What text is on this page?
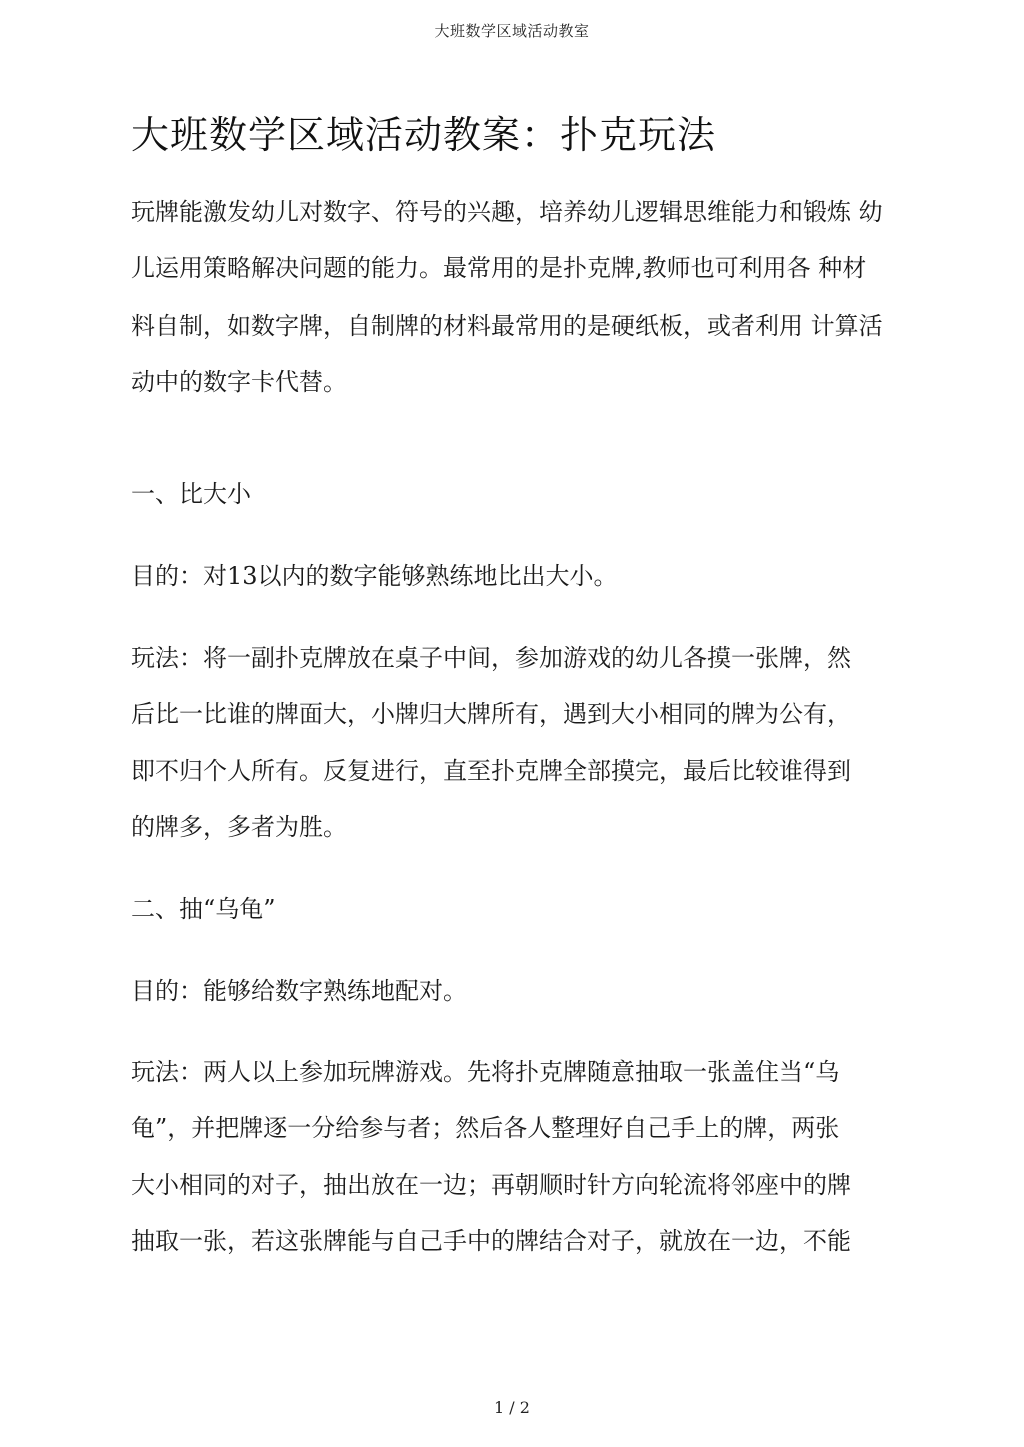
大班数学区域活动教室
大班数学区域活动教案：扑克玩法

玩牌能激发幼儿对数字、符号的兴趣，培养幼儿逻辑思维能力和锻炼 幼

儿运用策略解决问题的能力。最常用的是扑克牌,教师也可利用各 种材

料自制，如数字牌，自制牌的材料最常用的是硬纸板，或者利用 计算活

动中的数字卡代替。

一、比大小

目的：对13以内的数字能够熟练地比出大小。

玩法：将一副扑克牌放在桌子中间，参加游戏的幼儿各摸一张牌，然

后比一比谁的牌面大，小牌归大牌所有，遇到大小相同的牌为公有，

即不归个人所有。反复进行，直至扑克牌全部摸完，最后比较谁得到

的牌多，多者为胜。

二、抽“乌龟”

目的：能够给数字熟练地配对。

玩法：两人以上参加玩牌游戏。先将扑克牌随意抽取一张盖住当“乌

龟”，并把牌逐一分给参与者；然后各人整理好自己手上的牌，两张

大小相同的对子，抽出放在一边；再朝顺时针方向轮流将邻座中的牌

抽取一张，若这张牌能与自己手中的牌结合对子，就放在一边，不能

1 / 2
